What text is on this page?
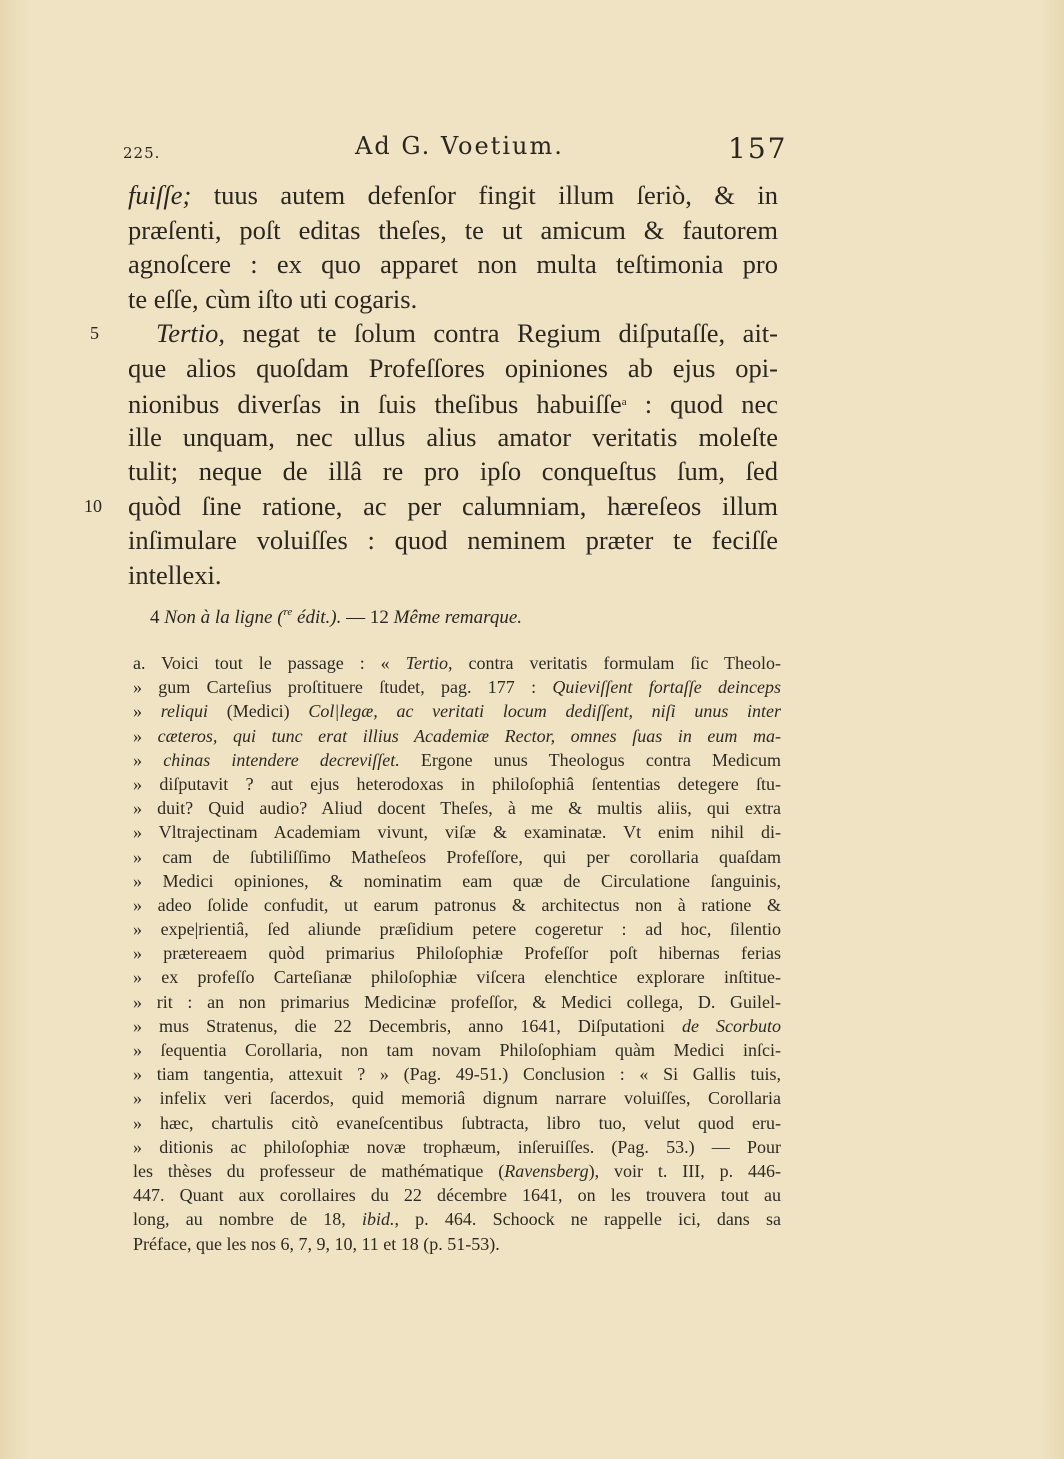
225.	Ad G. Voetium.	157
fuiſſe; tuus autem defenſor fingit illum ſeriò, & in
præſenti, poſt editas theſes, te ut amicum & fautorem
agnoſcere : ex quo apparet non multa teſtimonia pro
te eſſe, cùm iſto uti cogaris.
Tertio, negat te ſolum contra Regium diſputaſſe, ait-
5
que alios quoſdam Profeſſores opiniones ab ejus opi-
nionibus diverſas in ſuis theſibus habuiſſe$^a$ : quod nec
ille unquam, nec ullus alius amator veritatis moleſte
tulit; neque de illâ re pro ipſo conqueſtus ſum, ſed
quòd ſine ratione, ac per calumniam, hæreſeos illum
10
inſimulare voluiſſes : quod neminem præter te feciſſe
intellexi.
4 Non à la ligne ($^{re}$ édit.). — 12 Même remarque.
a. Voici tout le passage : « Tertio, contra veritatis formulam ſic Theolo-
» gum Carteſius proſtituere ſtudet, pag. 177 : Quieviſſent fortaſſe deinceps
» reliqui (Medici) Col|legæ, ac veritati locum dediſſent, niſi unus inter
» cæteros, qui tunc erat illius Academiæ Rector, omnes ſuas in eum ma-
» chinas intendere decreviſſet. Ergone unus Theologus contra Medicum
» diſputavit ? aut ejus heterodoxas in philoſophiâ ſententias detegere ſtu-
» duit? Quid audio? Aliud docent Theſes, à me & multis aliis, qui extra
» Vltrajectinam Academiam vivunt, viſæ & examinatæ. Vt enim nihil di-
» cam de ſubtiliſſimo Matheſeos Profeſſore, qui per corollaria quaſdam
» Medici opiniones, & nominatim eam quæ de Circulatione ſanguinis,
» adeo ſolide confudit, ut earum patronus & architectus non à ratione &
» expe|rientiâ, ſed aliunde præſidium petere cogeretur : ad hoc, ſilentio
» prætereaem quòd primarius Philoſophiæ Profeſſor poſt hibernas ferias
» ex profeſſo Carteſianæ philoſophiæ viſcera elenchtice explorare inſtitue-
» rit : an non primarius Medicinæ profeſſor, & Medici collega, D. Guilel-
» mus Stratenus, die 22 Decembris, anno 1641, Diſputationi de Scorbuto
» ſequentia Corollaria, non tam novam Philoſophiam quàm Medici inſci-
» tiam tangentia, attexuit ? » (Pag. 49-51.) Conclusion : « Si Gallis tuis,
» infelix veri ſacerdos, quid memoriâ dignum narrare voluiſſes, Corollaria
» hæc, chartulis citò evaneſcentibus ſubtracta, libro tuo, velut quod eru-
» ditionis ac philoſophiæ novæ trophæum, inſeruiſſes. (Pag. 53.) — Pour
les thèses du professeur de mathématique (Ravensberg), voir t. III, p. 446-
447. Quant aux corollaires du 22 décembre 1641, on les trouvera tout au
long, au nombre de 18, ibid., p. 464. Schoock ne rappelle ici, dans sa
Préface, que les nos 6, 7, 9, 10, 11 et 18 (p. 51-53).
